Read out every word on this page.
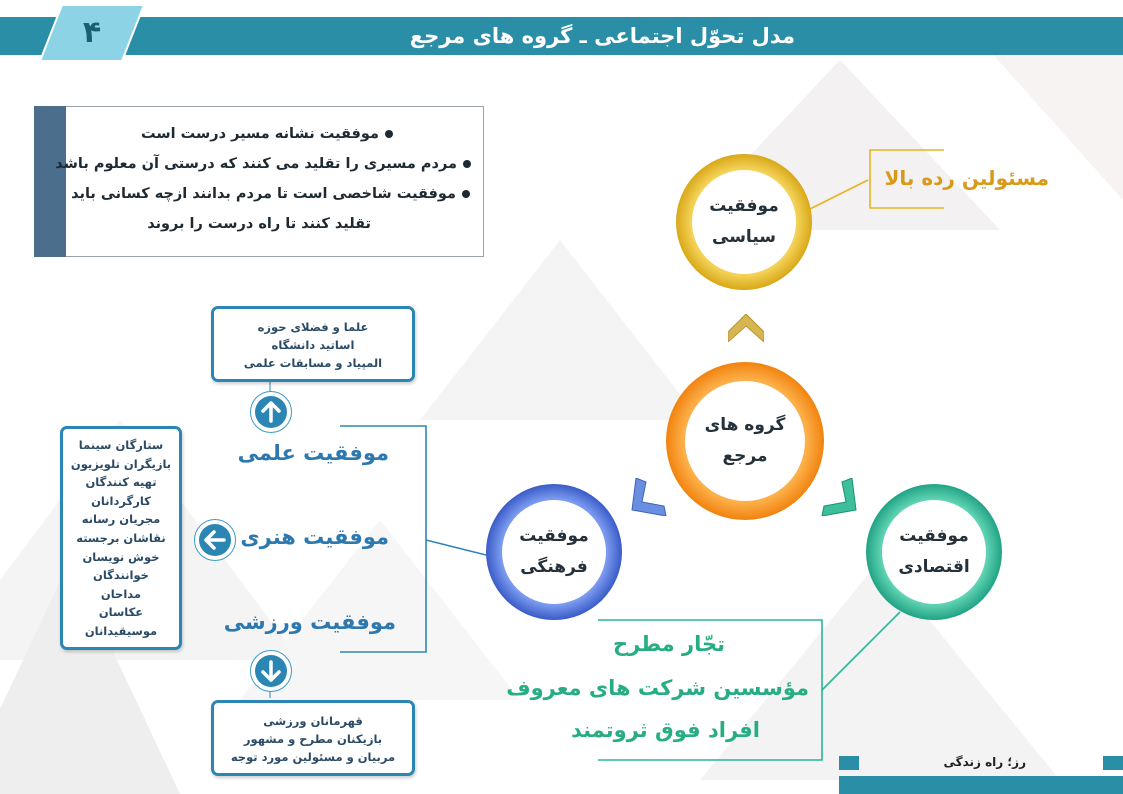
۴	مدل تحوّل اجتماعی ـ گروه های مرجع
موفقیت نشانه مسیر درست است
مردم مسیری را تقلید می کنند که درستی آن معلوم باشد
موفقیت شاخصی است تا مردم بدانند ازچه کسانی باید
تقلید کنند تا راه درست را بروند
موفقیت
سیاسی
گروه های
مرجع
موفقیت
فرهنگی
موفقیت
اقتصادی
مسئولین رده بالا
تجّار مطرح
مؤسسین شرکت های معروف
افراد فوق ثروتمند
موفقیت علمی
موفقیت هنری
موفقیت ورزشی
علما و فضلای حوزه
اساتید دانشگاه
المپیاد و مسابقات علمی
ستارگان سینما
بازیگران تلویزیون
تهیه کنندگان
کارگردانان
مجریان رسانه
نقاشان برجسته
خوش نویسان
خوانندگان
مداحان
عکاسان
موسیقیدانان
قهرمانان ورزشی
بازیکنان مطرح و مشهور
مربیان و مسئولین مورد توجه	رز؛ راه زندگی
